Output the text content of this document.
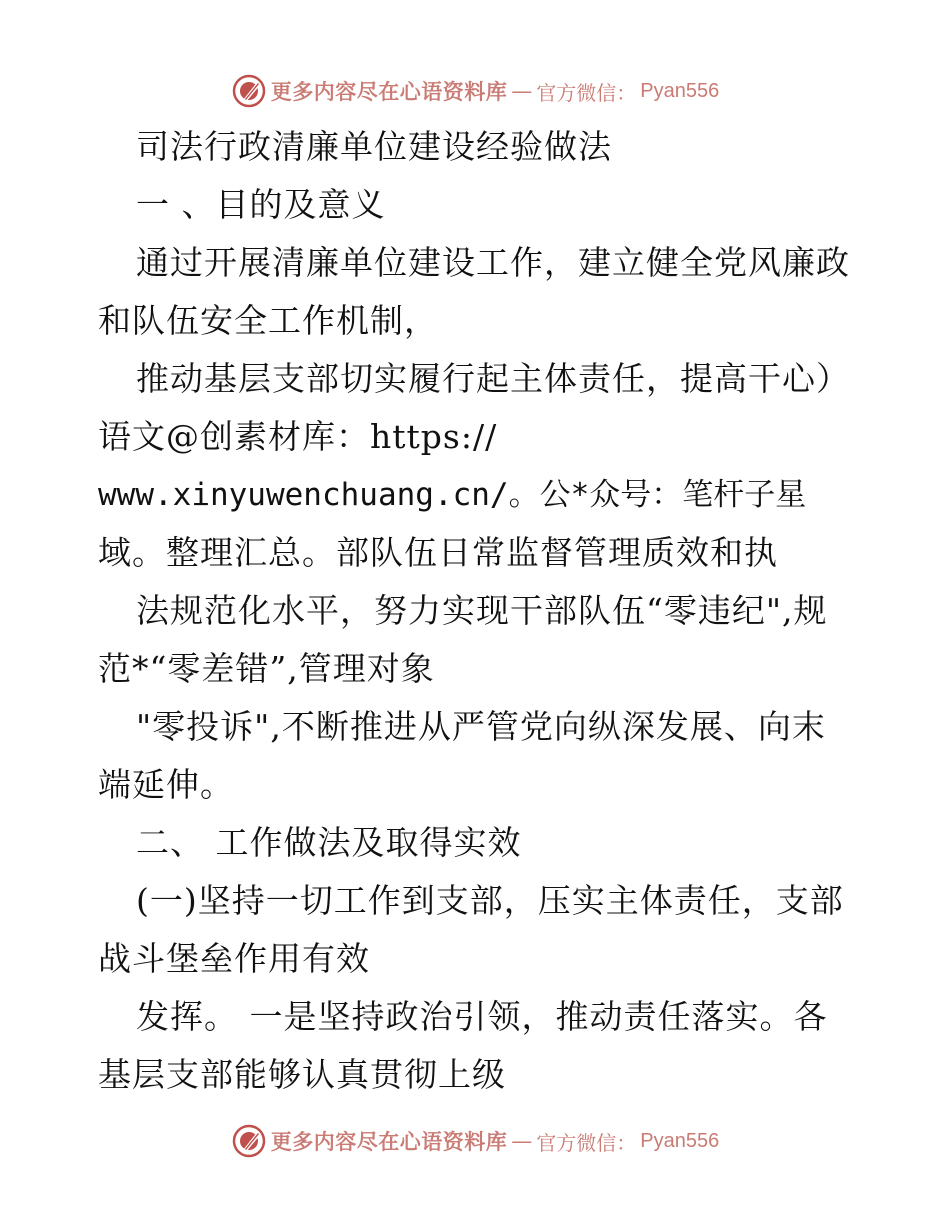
更多内容尽在心语资料库 — 官方微信： Pyan556
司法行政清廉单位建设经验做法
一 、目的及意义
通过开展清廉单位建设工作，建立健全党风廉政
和队伍安全工作机制，
推动基层支部切实履行起主体责任，提高干心）
语文@创素材库：https://
www.xinyuwenchuang.cn/。公*众号：笔杆子星
域。整理汇总。部队伍日常监督管理质效和执
法规范化水平，努力实现干部队伍“零违纪",规
范*“零差错”,管理对象
"零投诉",不断推进从严管党向纵深发展、向末
端延伸。
二、 工作做法及取得实效
(一)坚持一切工作到支部，压实主体责任，支部
战斗堡垒作用有效
发挥。 一是坚持政治引领，推动责任落实。各
基层支部能够认真贯彻上级
更多内容尽在心语资料库 — 官方微信： Pyan556
